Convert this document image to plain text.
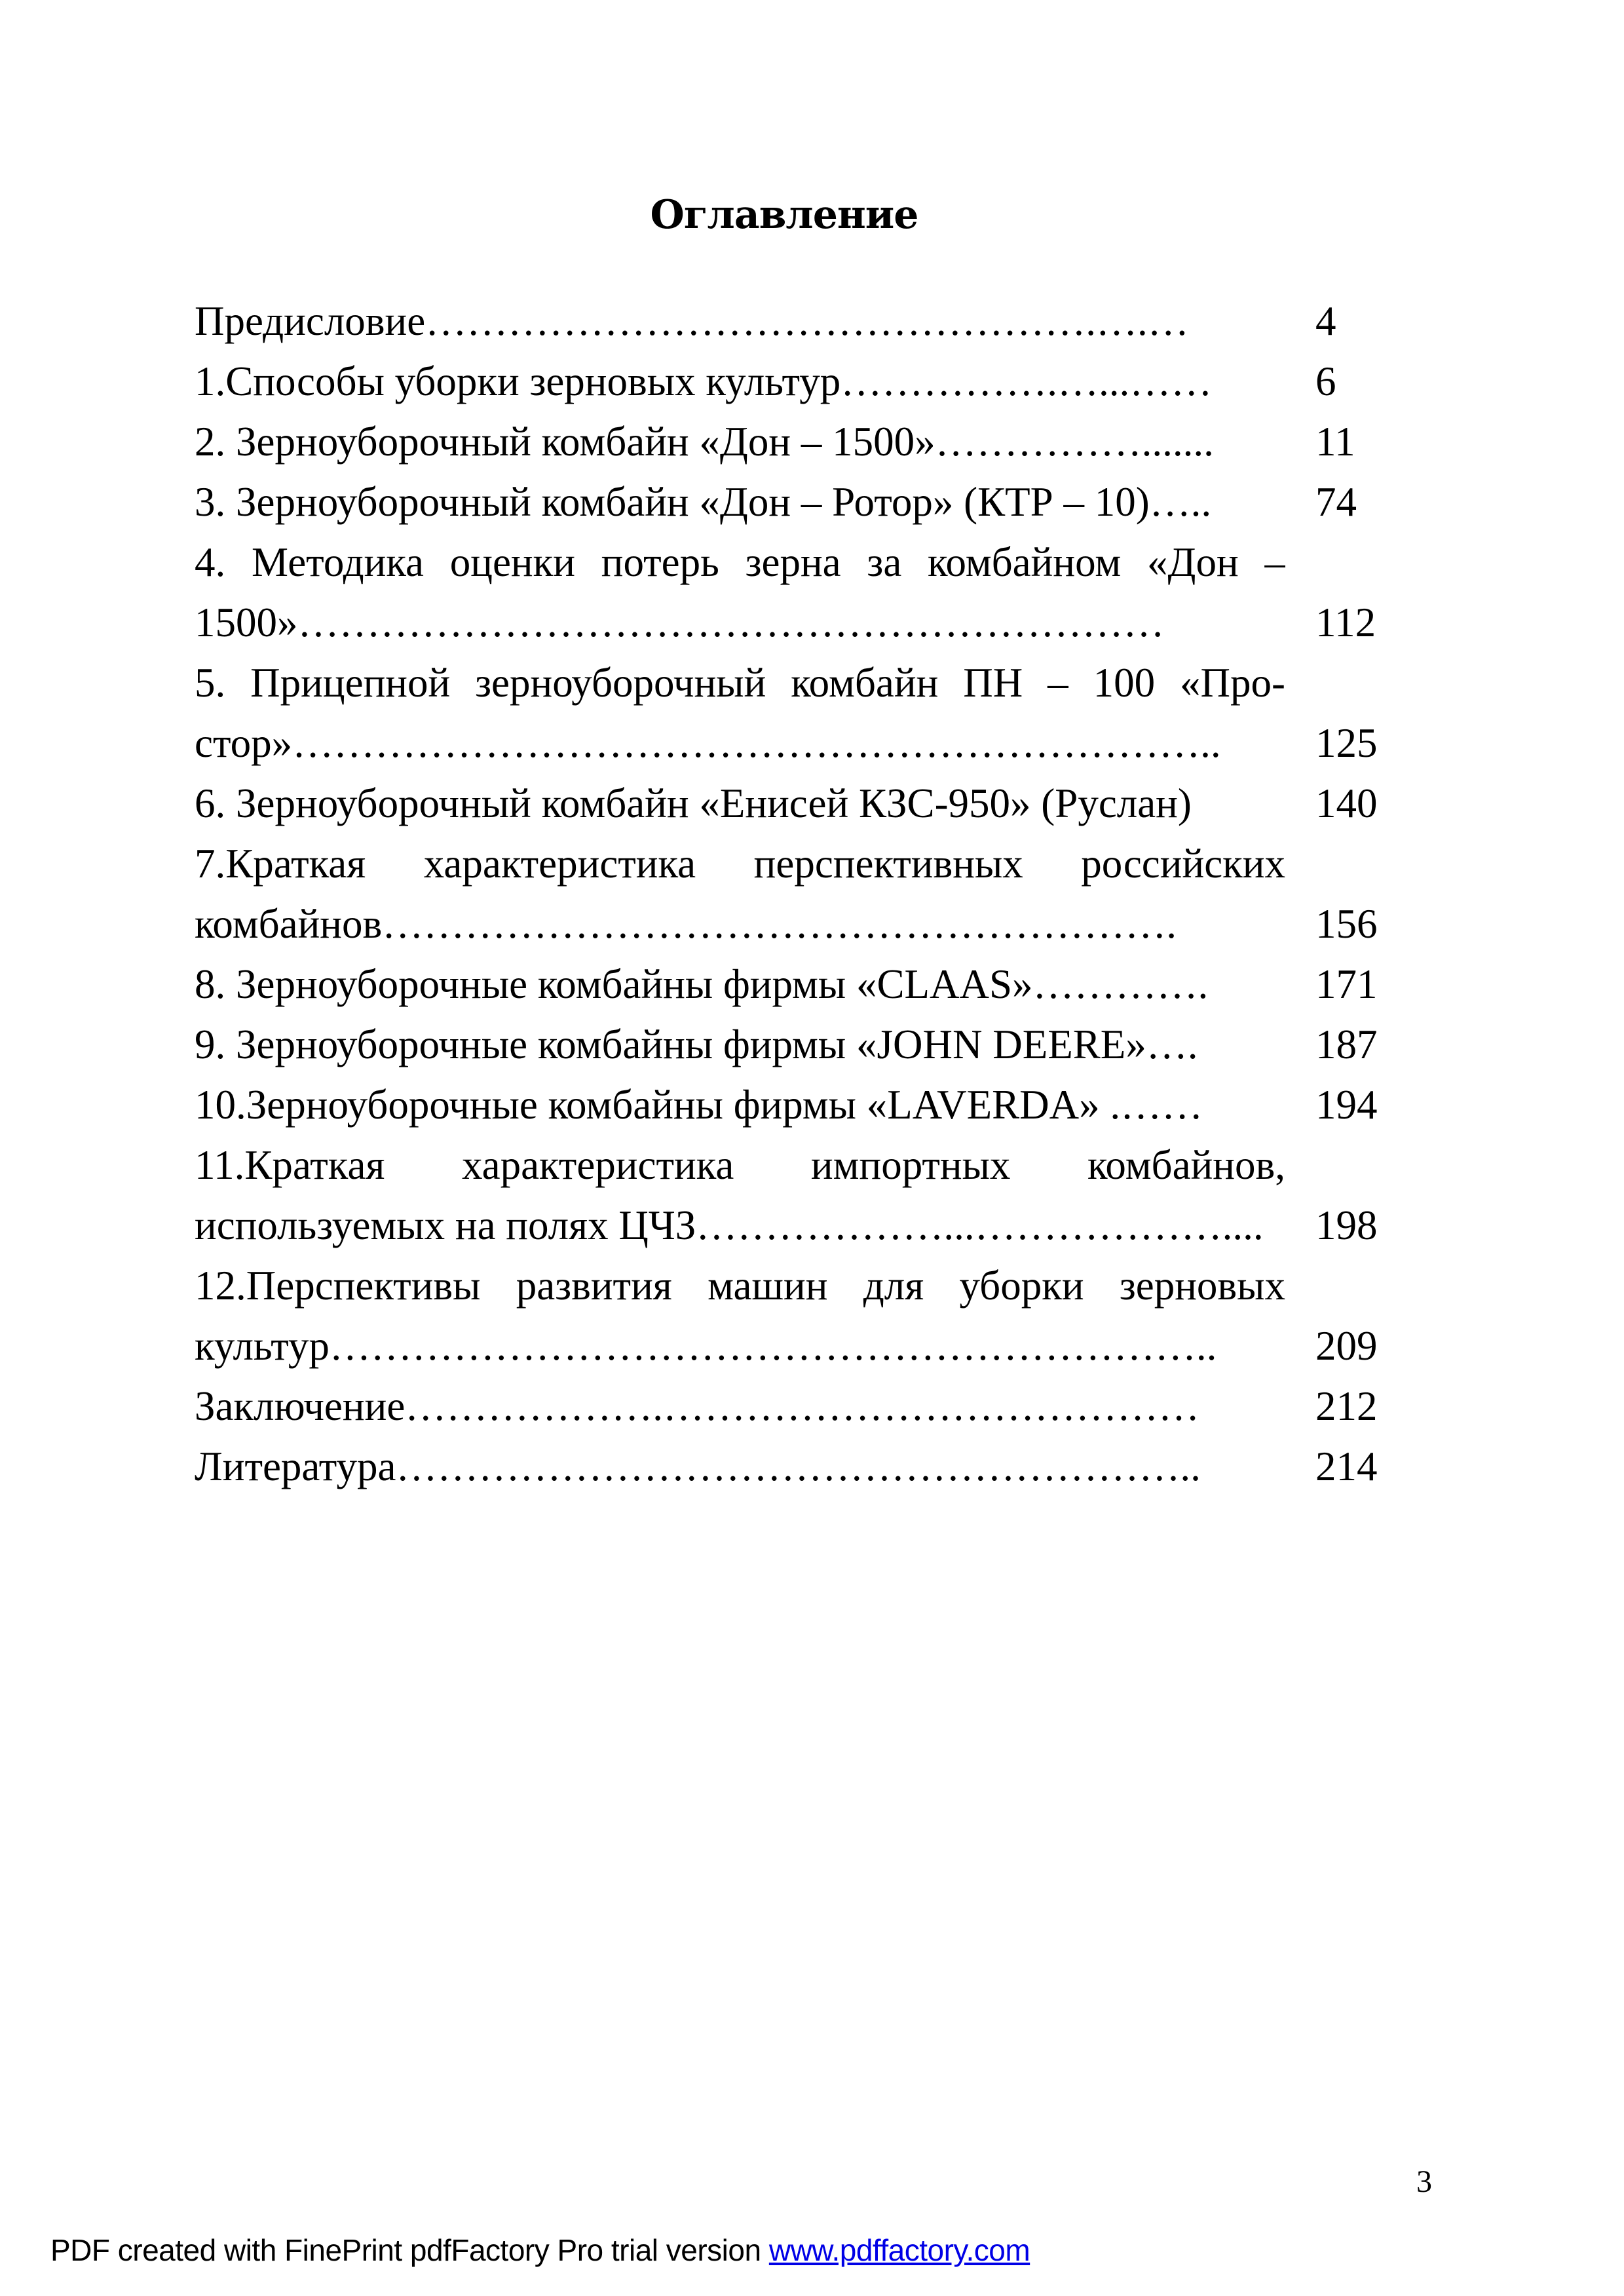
Оглавление
Предисловие………………………………………….….…	4
1.Способы уборки зерновых культур…………….…...……	6
2. Зерноуборочный комбайн «Дон – 1500»…………….......	11
3. Зерноуборочный комбайн «Дон – Ротор» (КТР – 10)…..	74
4. Методика оценки потерь зерна за комбайном «Дон –
1500»………………………………………………………	112
5. Прицепной зерноуборочный комбайн ПН – 100 «Про-
стор»…………………………………………………………..	125
6. Зерноуборочный комбайн «Енисей КЗС-950» (Руслан)	140
7.Краткая характеристика перспективных российских
комбайнов………………………………………………….	156
8. Зерноуборочные комбайны фирмы «CLAAS»………….	171
9. Зерноуборочные комбайны фирмы «JOHN DEERE»….	187
10.Зерноуборочные комбайны фирмы «LAVERDA» .……	194
11.Краткая характеристика импортных комбайнов,
используемых на полях ЦЧЗ………………...………………....	198
12.Перспективы развития машин для уборки зерновых
культур………………………………………………………..	209
Заключение……………….…………………………………	212
Литература…………………………………………………..	214
3
PDF created with FinePrint pdfFactory Pro trial version www.pdffactory.com
